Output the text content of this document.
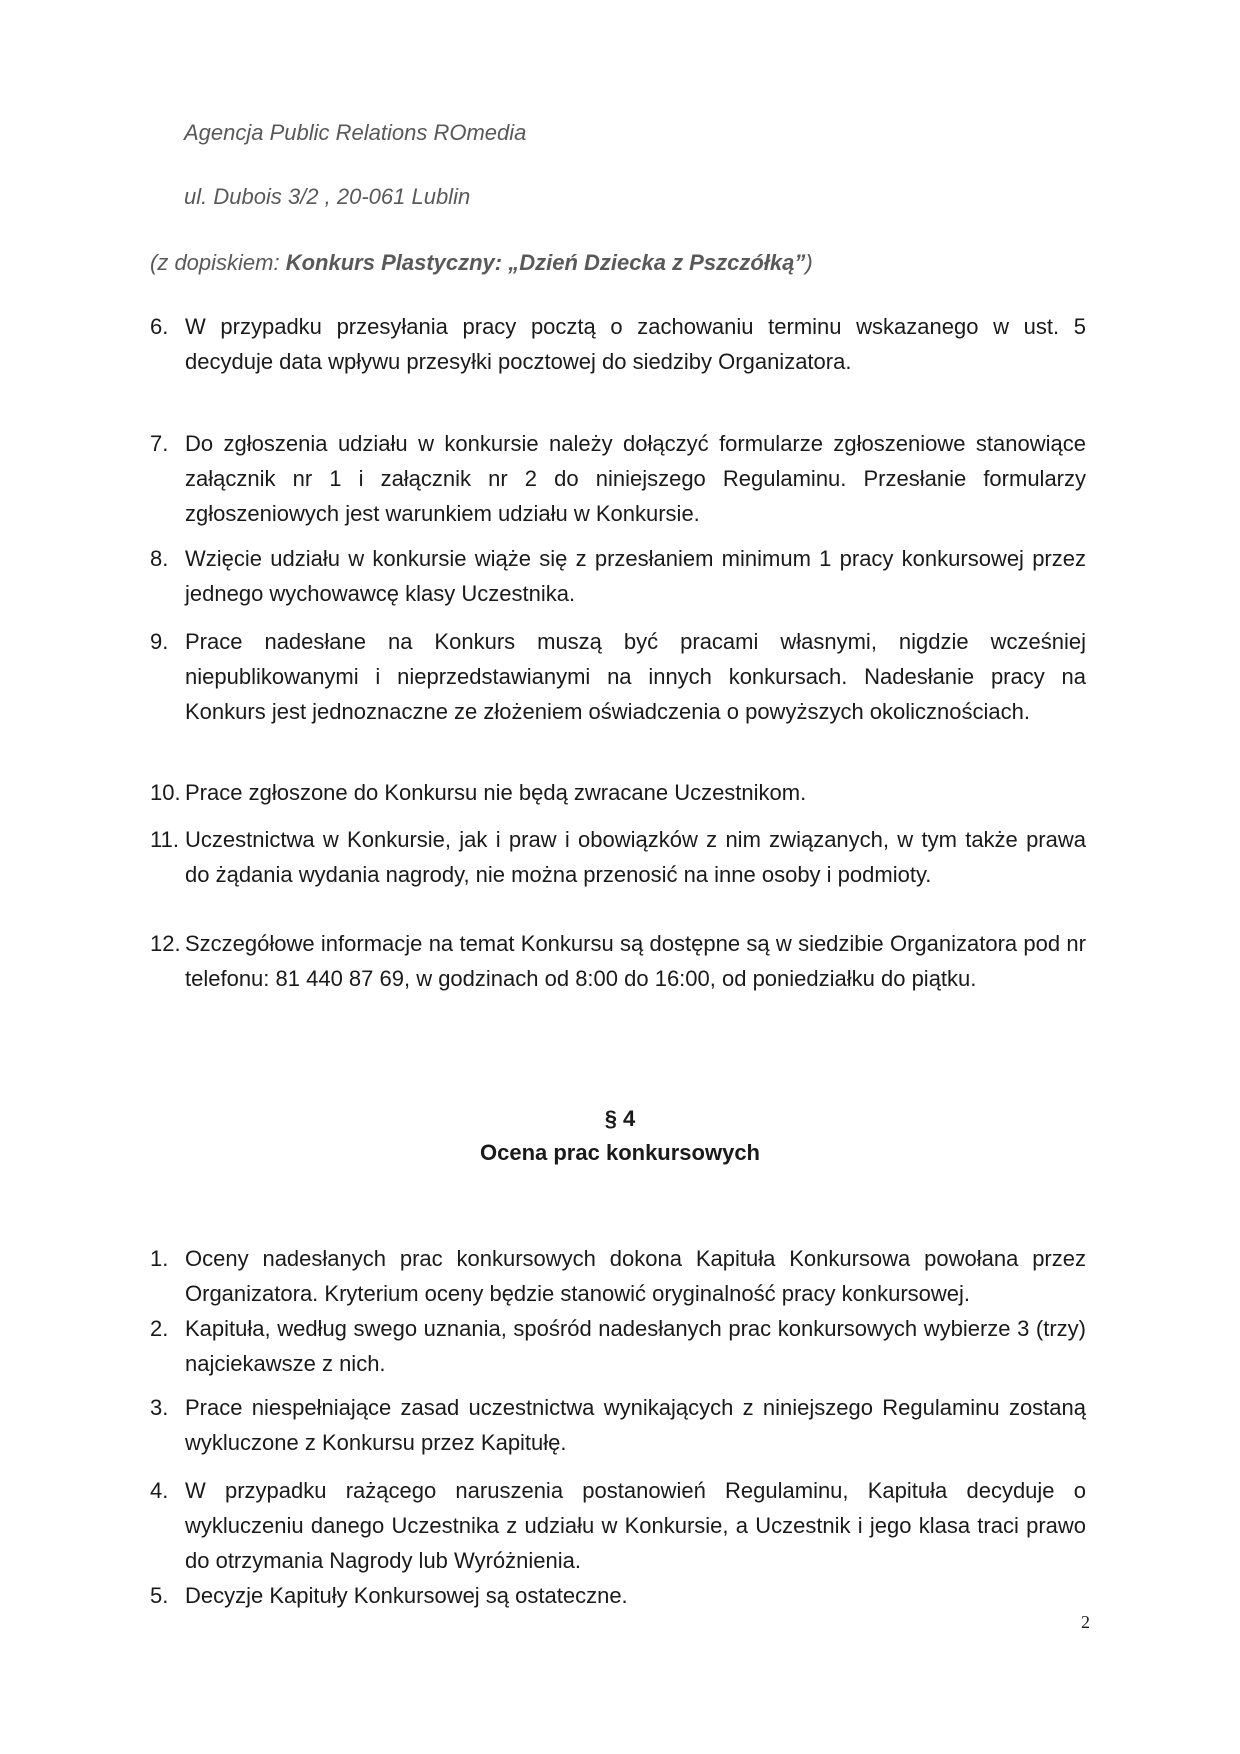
Agencja Public Relations ROmedia
ul. Dubois 3/2 , 20-061 Lublin
(z dopiskiem: Konkurs Plastyczny: „Dzień Dziecka z Pszczółką”)
6. W przypadku przesyłania pracy pocztą o zachowaniu terminu wskazanego w ust. 5 decyduje data wpływu przesyłki pocztowej do siedziby Organizatora.
7. Do zgłoszenia udziału w konkursie należy dołączyć formularze zgłoszeniowe stanowiące załącznik nr 1 i załącznik nr 2 do niniejszego Regulaminu. Przesłanie formularzy zgłoszeniowych jest warunkiem udziału w Konkursie.
8. Wzięcie udziału w konkursie wiąże się z przesłaniem minimum 1 pracy konkursowej przez jednego wychowawcę klasy Uczestnika.
9. Prace nadesłane na Konkurs muszą być pracami własnymi, nigdzie wcześniej niepublikowanymi i nieprzedstawianymi na innych konkursach. Nadesłanie pracy na Konkurs jest jednoznaczne ze złożeniem oświadczenia o powyższych okolicznościach.
10. Prace zgłoszone do Konkursu nie będą zwracane Uczestnikom.
11. Uczestnictwa w Konkursie, jak i praw i obowiązków z nim związanych, w tym także prawa do żądania wydania nagrody, nie można przenosić na inne osoby i podmioty.
12. Szczegółowe informacje na temat Konkursu są dostępne są w siedzibie Organizatora pod nr telefonu: 81 440 87 69, w godzinach od 8:00 do 16:00, od poniedziałku do piątku.
§ 4
Ocena prac konkursowych
1. Oceny nadesłanych prac konkursowych dokona Kapituła Konkursowa powołana przez Organizatora. Kryterium oceny będzie stanowić oryginalność pracy konkursowej.
2. Kapituła, według swego uznania, spośród nadesłanych prac konkursowych wybierze 3 (trzy) najciekawsze z nich.
3. Prace niespełniające zasad uczestnictwa wynikających z niniejszego Regulaminu zostaną wykluczone z Konkursu przez Kapitułę.
4. W przypadku rażącego naruszenia postanowień Regulaminu, Kapituła decyduje o wykluczeniu danego Uczestnika z udziału w Konkursie, a Uczestnik i jego klasa traci prawo do otrzymania Nagrody lub Wyróżnienia.
5. Decyzje Kapituły Konkursowej są ostateczne.
2
